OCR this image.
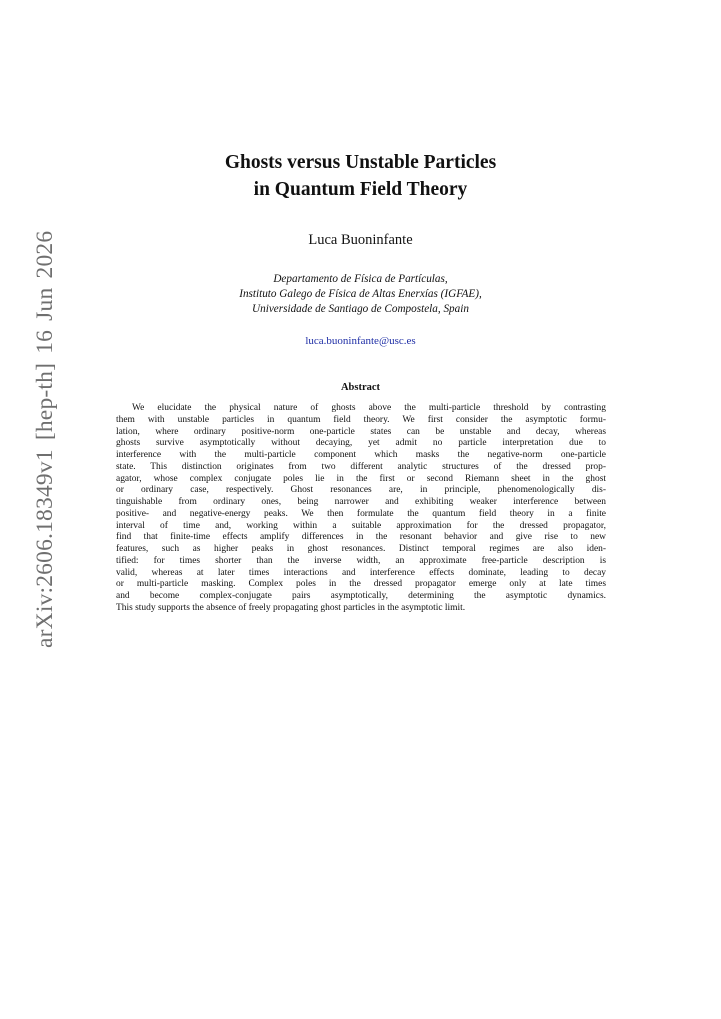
arXiv:2606.18349v1 [hep-th] 16 Jun 2026
Ghosts versus Unstable Particles
in Quantum Field Theory
Luca Buoninfante
Departamento de Física de Partículas,
Instituto Galego de Física de Altas Enerxías (IGFAE),
Universidade de Santiago de Compostela, Spain
luca.buoninfante@usc.es
Abstract
We elucidate the physical nature of ghosts above the multi-particle threshold by contrasting
them with unstable particles in quantum field theory. We first consider the asymptotic formu-
lation, where ordinary positive-norm one-particle states can be unstable and decay, whereas
ghosts survive asymptotically without decaying, yet admit no particle interpretation due to
interference with the multi-particle component which masks the negative-norm one-particle
state. This distinction originates from two different analytic structures of the dressed prop-
agator, whose complex conjugate poles lie in the first or second Riemann sheet in the ghost
or ordinary case, respectively. Ghost resonances are, in principle, phenomenologically dis-
tinguishable from ordinary ones, being narrower and exhibiting weaker interference between
positive- and negative-energy peaks. We then formulate the quantum field theory in a finite
interval of time and, working within a suitable approximation for the dressed propagator,
find that finite-time effects amplify differences in the resonant behavior and give rise to new
features, such as higher peaks in ghost resonances. Distinct temporal regimes are also iden-
tified: for times shorter than the inverse width, an approximate free-particle description is
valid, whereas at later times interactions and interference effects dominate, leading to decay
or multi-particle masking. Complex poles in the dressed propagator emerge only at late times
and become complex-conjugate pairs asymptotically, determining the asymptotic dynamics.
This study supports the absence of freely propagating ghost particles in the asymptotic limit.
